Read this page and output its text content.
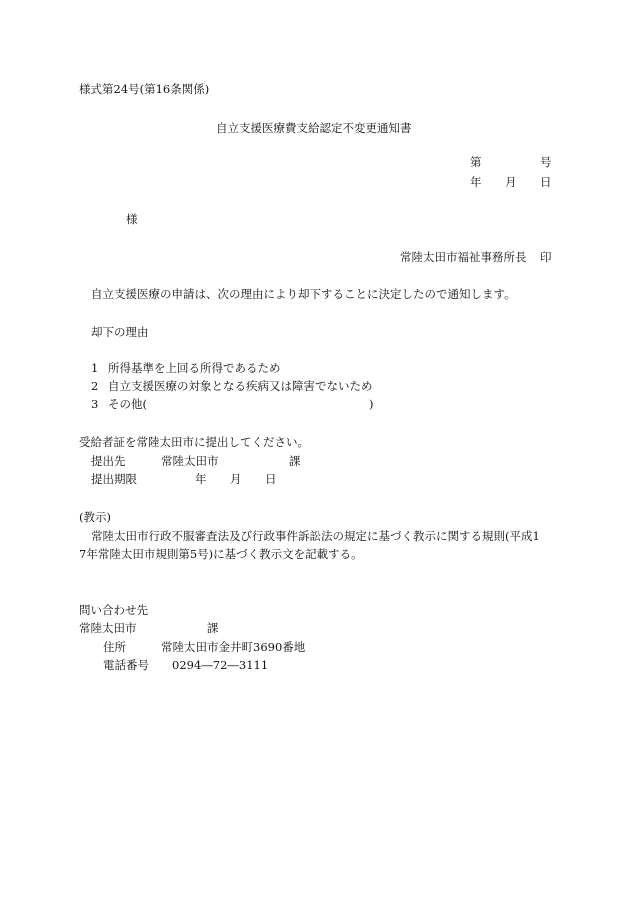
様式第24号(第16条関係)
自立支援医療費支給認定不変更通知書
第	号
年 月 日
様
常陸太田市福祉事務所長 印
自立支援医療の申請は、次の理由により却下することに決定したので通知します。
却下の理由
1 所得基準を上回る所得であるため
2 自立支援医療の対象となる疾病又は障害でないため
3 その他(	)
受給者証を常陸太田市に提出してください。
提出先	常陸太田市	課
提出期限	年 月 日
(教示)
常陸太田市行政不服審査法及び行政事件訴訟法の規定に基づく教示に関する規則(平成1
7年常陸太田市規則第5号)に基づく教示文を記載する。
問い合わせ先
常陸太田市	課
住所	常陸太田市金井町3690番地
電話番号 0294―72―3111
